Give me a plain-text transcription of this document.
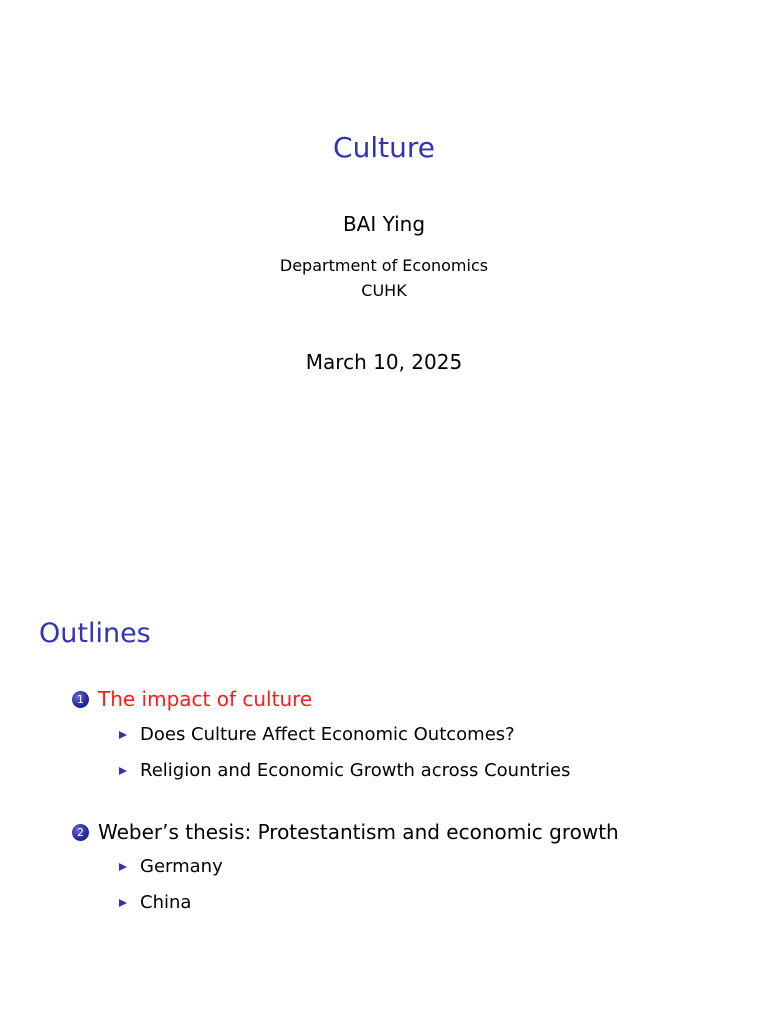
Culture
BAI Ying
Department of Economics
CUHK
March 10, 2025
Outlines
1 The impact of culture
Does Culture Affect Economic Outcomes?
Religion and Economic Growth across Countries
2 Weber’s thesis: Protestantism and economic growth
Germany
China
